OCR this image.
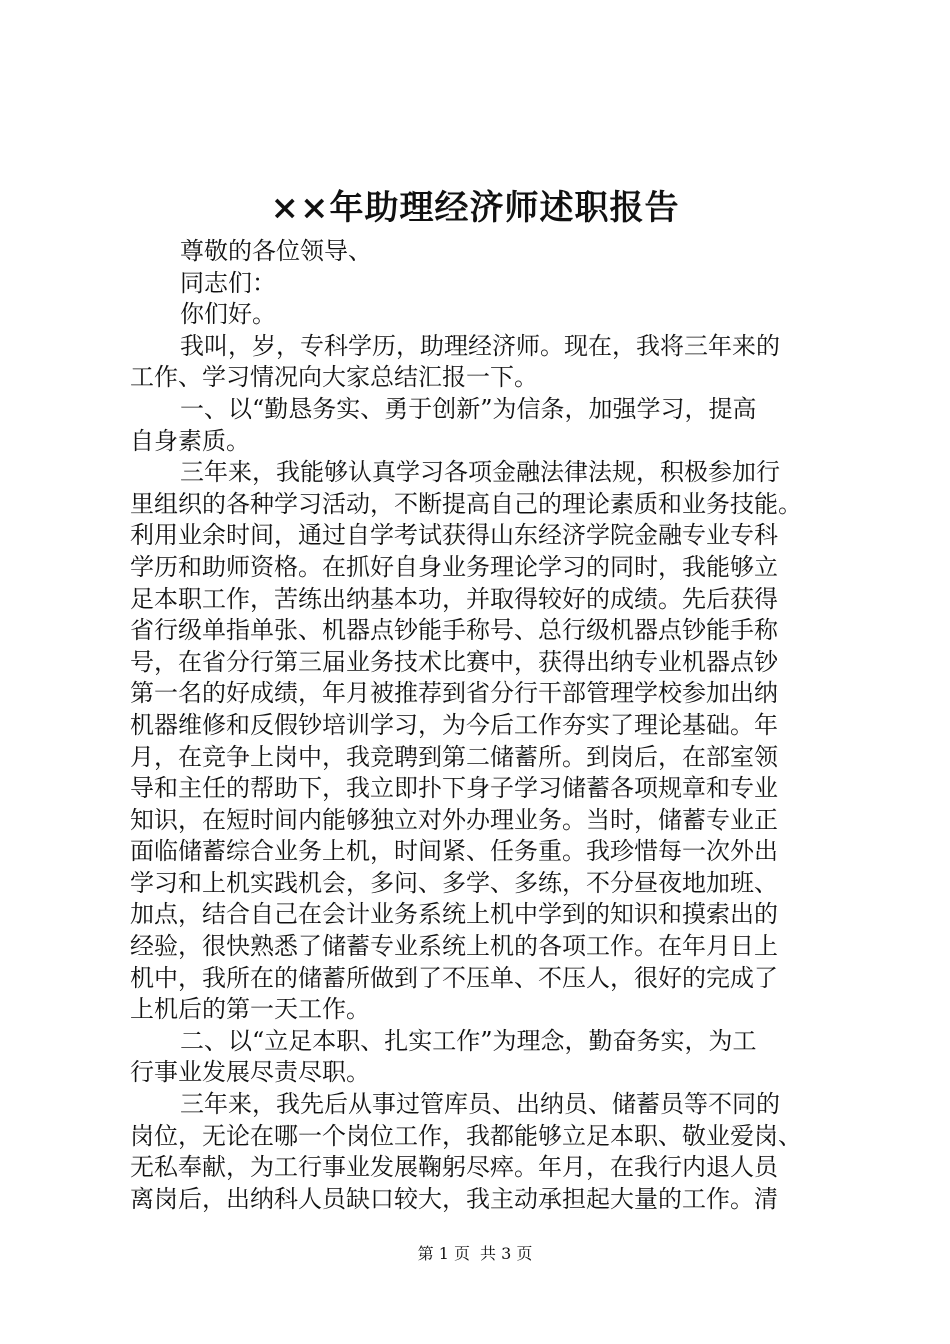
××年助理经济师述职报告
尊敬的各位领导、
同志们：
你们好。
我叫，岁，专科学历，助理经济师。现在，我将三年来的
工作、学习情况向大家总结汇报一下。
一、以“勤恳务实、勇于创新”为信条，加强学习，提高
自身素质。
三年来，我能够认真学习各项金融法律法规，积极参加行
里组织的各种学习活动，不断提高自己的理论素质和业务技能。
利用业余时间，通过自学考试获得山东经济学院金融专业专科
学历和助师资格。在抓好自身业务理论学习的同时，我能够立
足本职工作，苦练出纳基本功，并取得较好的成绩。先后获得
省行级单指单张、机器点钞能手称号、总行级机器点钞能手称
号，在省分行第三届业务技术比赛中，获得出纳专业机器点钞
第一名的好成绩，年月被推荐到省分行干部管理学校参加出纳
机器维修和反假钞培训学习，为今后工作夯实了理论基础。年
月，在竞争上岗中，我竞聘到第二储蓄所。到岗后，在部室领
导和主任的帮助下，我立即扑下身子学习储蓄各项规章和专业
知识，在短时间内能够独立对外办理业务。当时，储蓄专业正
面临储蓄综合业务上机，时间紧、任务重。我珍惜每一次外出
学习和上机实践机会，多问、多学、多练，不分昼夜地加班、
加点，结合自己在会计业务系统上机中学到的知识和摸索出的
经验，很快熟悉了储蓄专业系统上机的各项工作。在年月日上
机中，我所在的储蓄所做到了不压单、不压人，很好的完成了
上机后的第一天工作。
二、以“立足本职、扎实工作”为理念，勤奋务实，为工
行事业发展尽责尽职。
三年来，我先后从事过管库员、出纳员、储蓄员等不同的
岗位，无论在哪一个岗位工作，我都能够立足本职、敬业爱岗、
无私奉献，为工行事业发展鞠躬尽瘁。年月，在我行内退人员
离岗后，出纳科人员缺口较大，我主动承担起大量的工作。清
第 1 页 共 3 页
